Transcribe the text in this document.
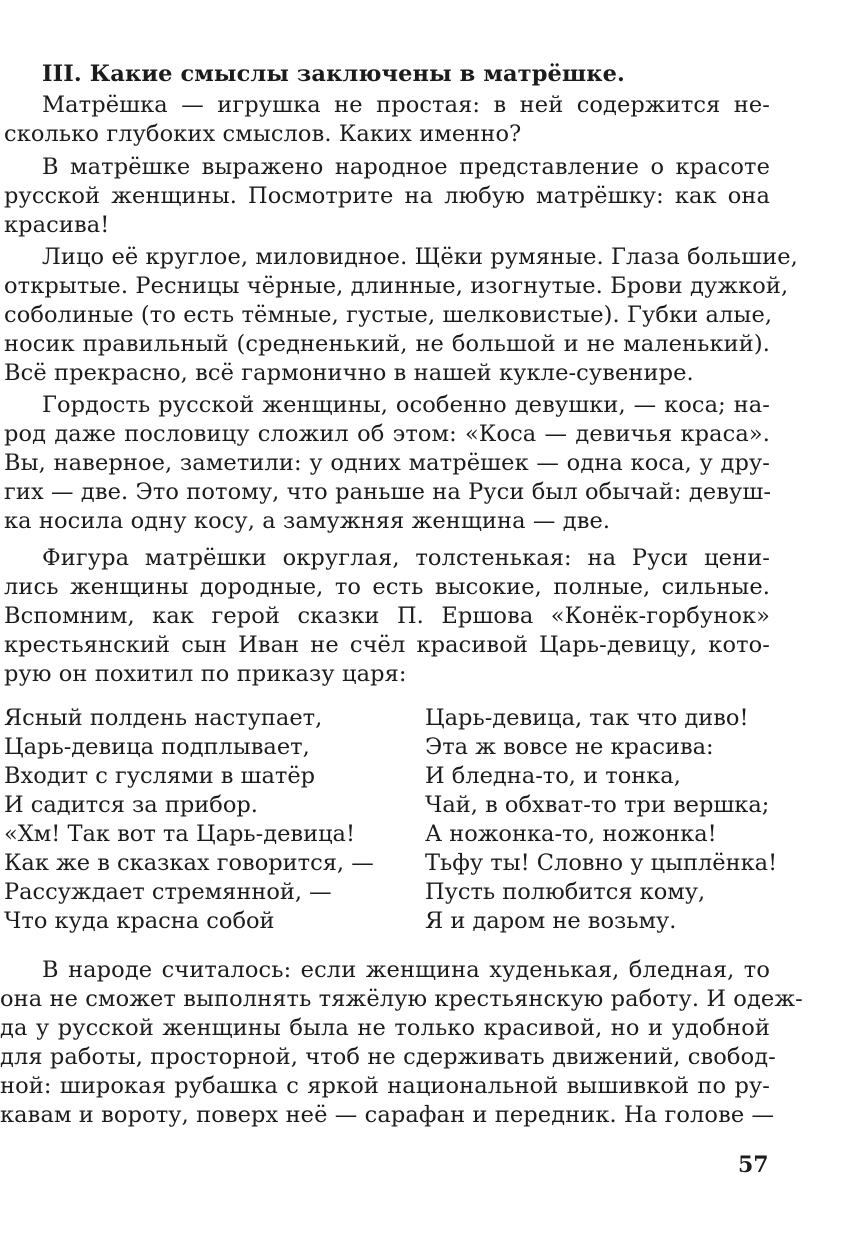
III. Какие смыслы заключены в матрёшке.
Матрёшка — игрушка не простая: в ней содержится не-
сколько глубоких смыслов. Каких именно?
В матрёшке выражено народное представление о красоте
русской женщины. Посмотрите на любую матрёшку: как она
красива!
Лицо её круглое, миловидное. Щёки румяные. Глаза большие,
открытые. Ресницы чёрные, длинные, изогнутые. Брови дужкой,
соболиные (то есть тёмные, густые, шелковистые). Губки алые,
носик правильный (средненький, не большой и не маленький).
Всё прекрасно, всё гармонично в нашей кукле-сувенире.
Гордость русской женщины, особенно девушки, — коса; на-
род даже пословицу сложил об этом: «Коса — девичья краса».
Вы, наверное, заметили: у одних матрёшек — одна коса, у дру-
гих — две. Это потому, что раньше на Руси был обычай: девуш-
ка носила одну косу, а замужняя женщина — две.
Фигура матрёшки округлая, толстенькая: на Руси цени-
лись женщины дородные, то есть высокие, полные, сильные.
Вспомним, как герой сказки П. Ершова «Конёк-горбунок»
крестьянский сын Иван не счёл красивой Царь-девицу, кото-
рую он похитил по приказу царя:
Ясный полдень наступает,
Царь-девица подплывает,
Входит с гуслями в шатёр
И садится за прибор.
«Хм! Так вот та Царь-девица!
Как же в сказках говорится, —
Рассуждает стремянной, —
Что куда красна собой
Царь-девица, так что диво!
Эта ж вовсе не красива:
И бледна-то, и тонка,
Чай, в обхват-то три вершка;
А ножонка-то, ножонка!
Тьфу ты! Словно у цыплёнка!
Пусть полюбится кому,
Я и даром не возьму.
В народе считалось: если женщина худенькая, бледная, то
она не сможет выполнять тяжёлую крестьянскую работу. И одеж-
да у русской женщины была не только красивой, но и удобной
для работы, просторной, чтоб не сдерживать движений, свобод-
ной: широкая рубашка с яркой национальной вышивкой по ру-
кавам и вороту, поверх неё — сарафан и передник. На голове —
57
